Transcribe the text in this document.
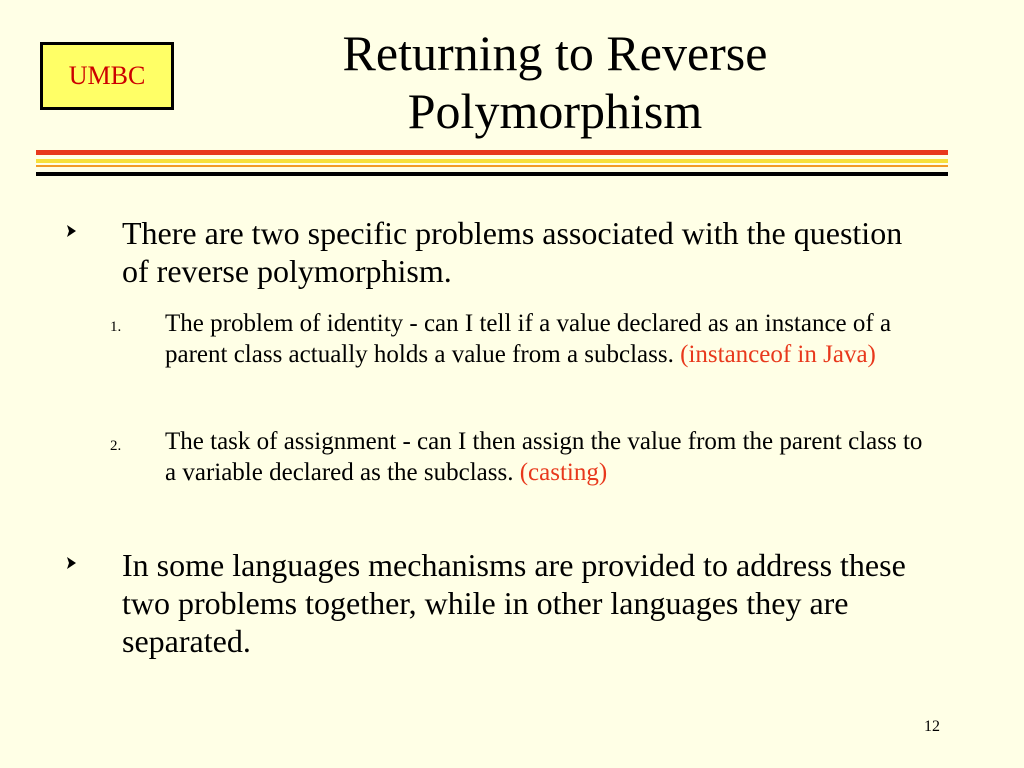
UMBC	Returning to Reverse
Polymorphism
There are two specific problems associated with the question of reverse polymorphism.
1. The problem of identity - can I tell if a value declared as an instance of a parent class actually holds a value from a subclass. (instanceof in Java)
2. The task of assignment - can I then assign the value from the parent class to a variable declared as the subclass. (casting)
In some languages mechanisms are provided to address these two problems together, while in other languages they are separated.
12
